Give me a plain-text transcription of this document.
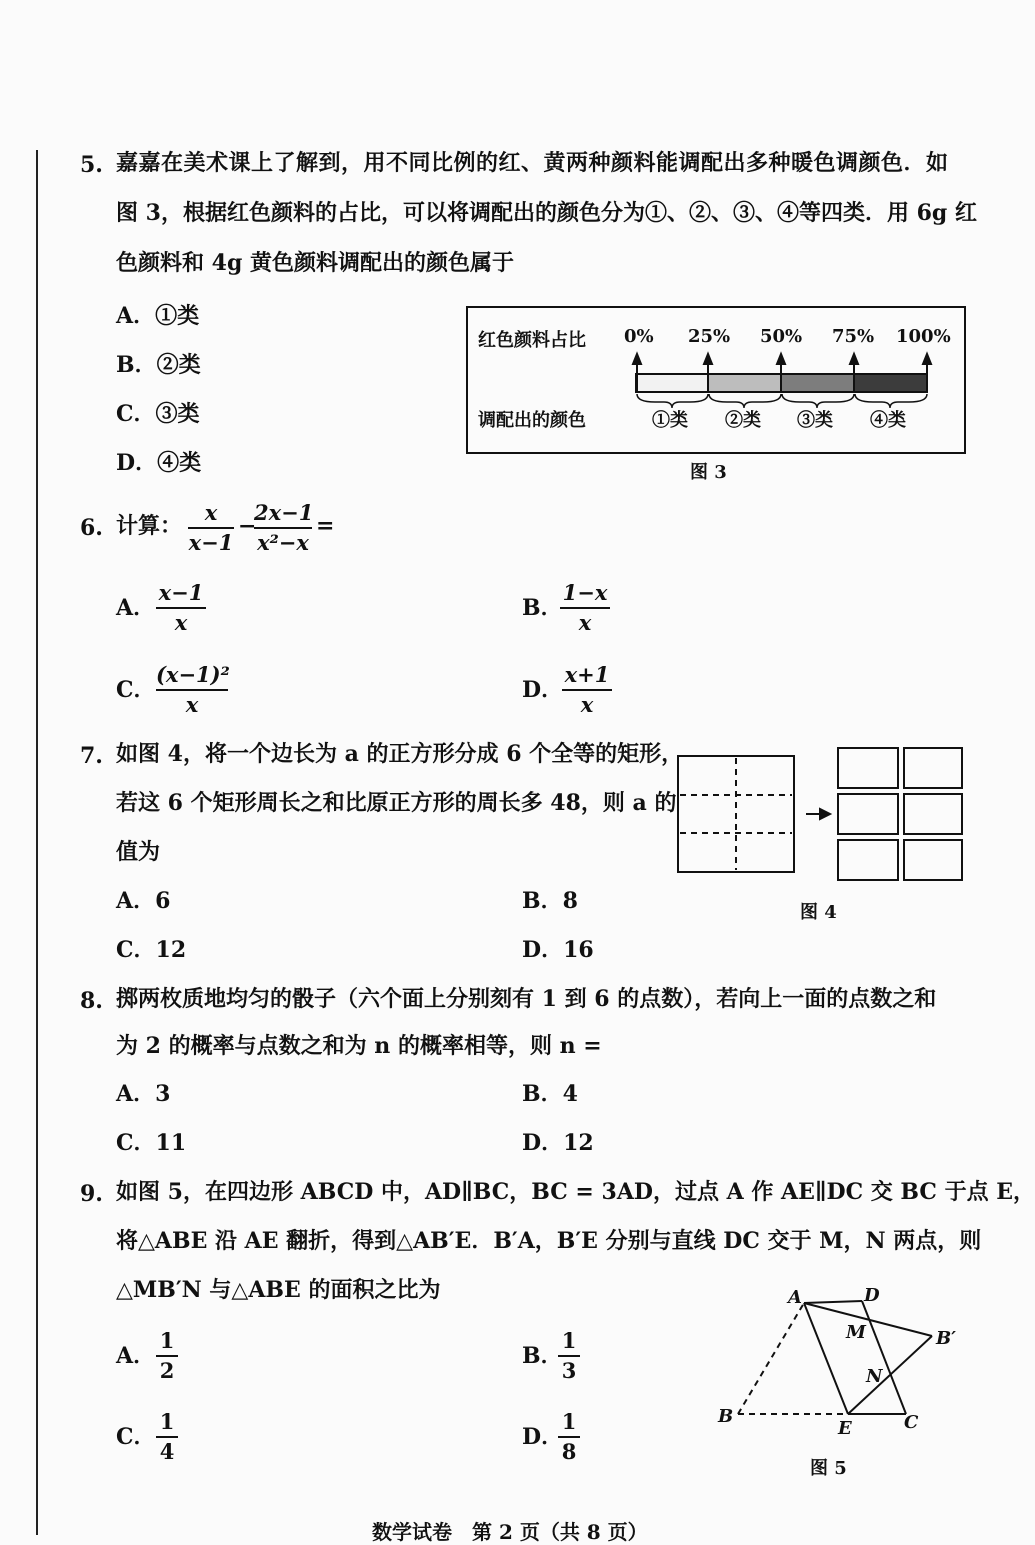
5. 嘉嘉在美术课上了解到，用不同比例的红、黄两种颜料能调配出多种暖色调颜色．如
图 3，根据红色颜料的占比，可以将调配出的颜色分为①、②、③、④等四类．用 6g 红
色颜料和 4g 黄色颜料调配出的颜色属于
A．①类
B．②类
C．③类
D．④类
红色颜料占比 0% 25% 50% 75% 100%
调配出的颜色	①类 ②类 ③类 ④类
图 3
6. 计算：
x
x−1
−
2x−1
x²−x
=
A．
x−1
x
B．
1−x
x
C．
(x−1)²
x
D．
x+1
x
7. 如图 4，将一个边长为 a 的正方形分成 6 个全等的矩形，
若这 6 个矩形周长之和比原正方形的周长多 48，则 a 的
值为
A．6	B．8
C．12	D．16
图 4
8. 掷两枚质地均匀的骰子（六个面上分别刻有 1 到 6 的点数），若向上一面的点数之和
为 2 的概率与点数之和为 n 的概率相等，则 n =
A．3	B．4
C．11	D．12
9. 如图 5，在四边形 ABCD 中，AD∥BC，BC = 3AD，过点 A 作 AE∥DC 交 BC 于点 E，
将△ABE 沿 AE 翻折，得到△AB′E．B′A，B′E 分别与直线 DC 交于 M，N 两点，则
△MB′N 与△ABE 的面积之比为
A．
1
2
B．
1
3
C．
1
4
D．
1
8
A	D
M	B′
N
B
E	C
图 5
数学试卷　第 2 页（共 8 页）
